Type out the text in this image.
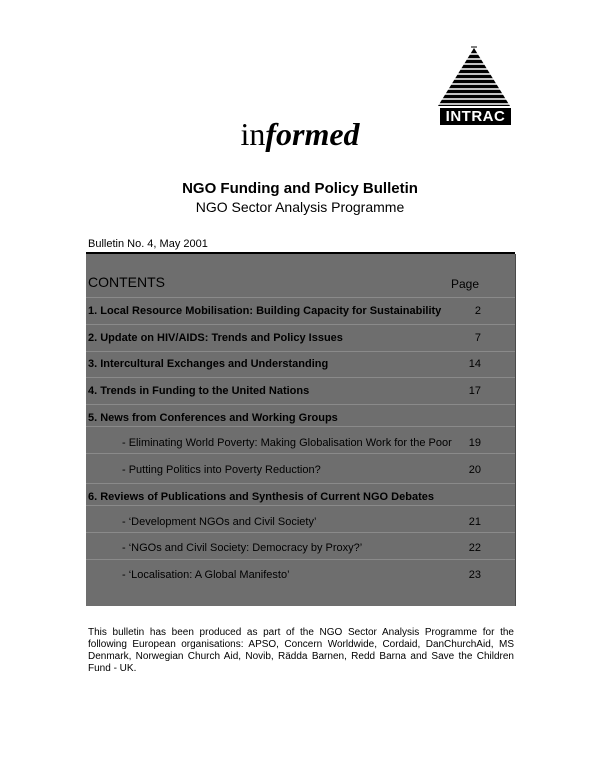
INTRAC
informed
NGO Funding and Policy Bulletin
NGO Sector Analysis Programme
Bulletin No. 4, May 2001
CONTENTS	Page
1. Local Resource Mobilisation: Building Capacity for Sustainability	2
2. Update on HIV/AIDS: Trends and Policy Issues	7
3. Intercultural Exchanges and Understanding	14
4. Trends in Funding to the United Nations	17
5. News from Conferences and Working Groups
- Eliminating World Poverty: Making Globalisation Work for the Poor 19
- Putting Politics into Poverty Reduction?	20
6. Reviews of Publications and Synthesis of Current NGO Debates
- ‘Development NGOs and Civil Society’	21
- ‘NGOs and Civil Society: Democracy by Proxy?’	22
- ‘Localisation: A Global Manifesto’	23
This bulletin has been produced as part of the NGO Sector Analysis Programme for the following European organisations: APSO, Concern Worldwide, Cordaid, DanChurchAid, MS Denmark, Norwegian Church Aid, Novib, Rädda Barnen, Redd Barna and Save the Children Fund - UK.
